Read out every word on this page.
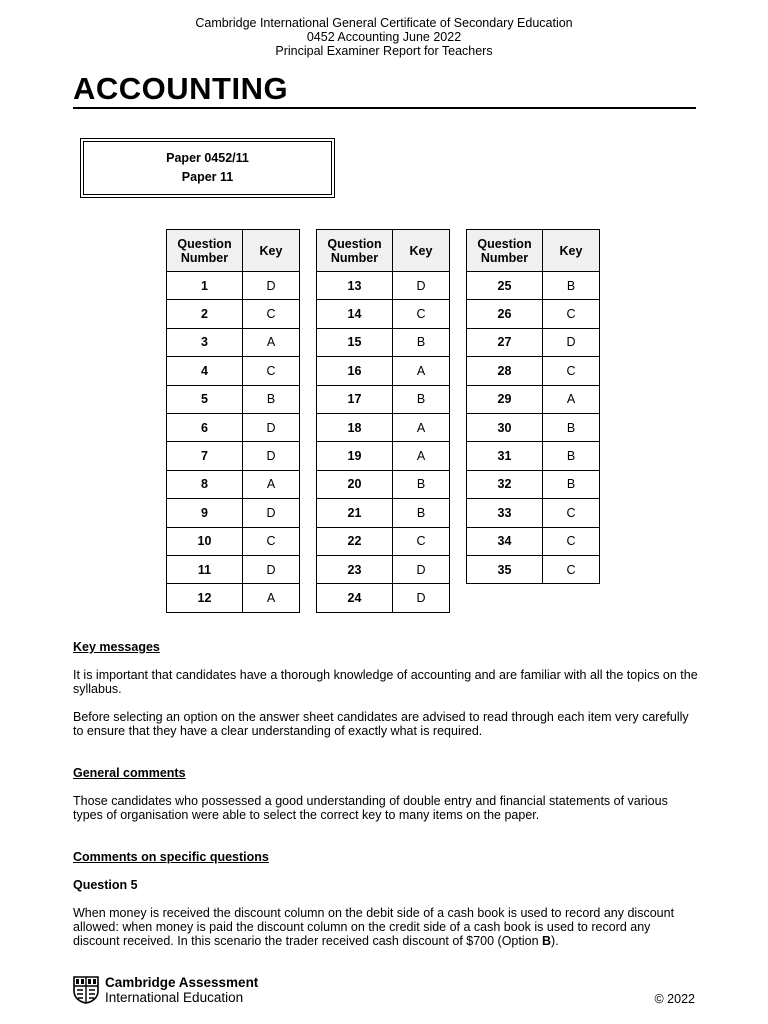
Cambridge International General Certificate of Secondary Education
0452 Accounting June 2022
Principal Examiner Report for Teachers
ACCOUNTING
Paper 0452/11
Paper 11
Question Number	Key
1	D
2	C
3	A
4	C
5	B
6	D
7	D
8	A
9	D
10	C
11	D
12	A
Question Number	Key
13	D
14	C
15	B
16	A
17	B
18	A
19	A
20	B
21	B
22	C
23	D
24	D
Question Number	Key
25	B
26	C
27	D
28	C
29	A
30	B
31	B
32	B
33	C
34	C
35	C
Key messages
It is important that candidates have a thorough knowledge of accounting and are familiar with all the topics on the syllabus.
Before selecting an option on the answer sheet candidates are advised to read through each item very carefully to ensure that they have a clear understanding of exactly what is required.
General comments
Those candidates who possessed a good understanding of double entry and financial statements of various types of organisation were able to select the correct key to many items on the paper.
Comments on specific questions
Question 5
When money is received the discount column on the debit side of a cash book is used to record any discount allowed: when money is paid the discount column on the credit side of a cash book is used to record any discount received. In this scenario the trader received cash discount of $700 (Option B).
Cambridge Assessment
International Education	© 2022
